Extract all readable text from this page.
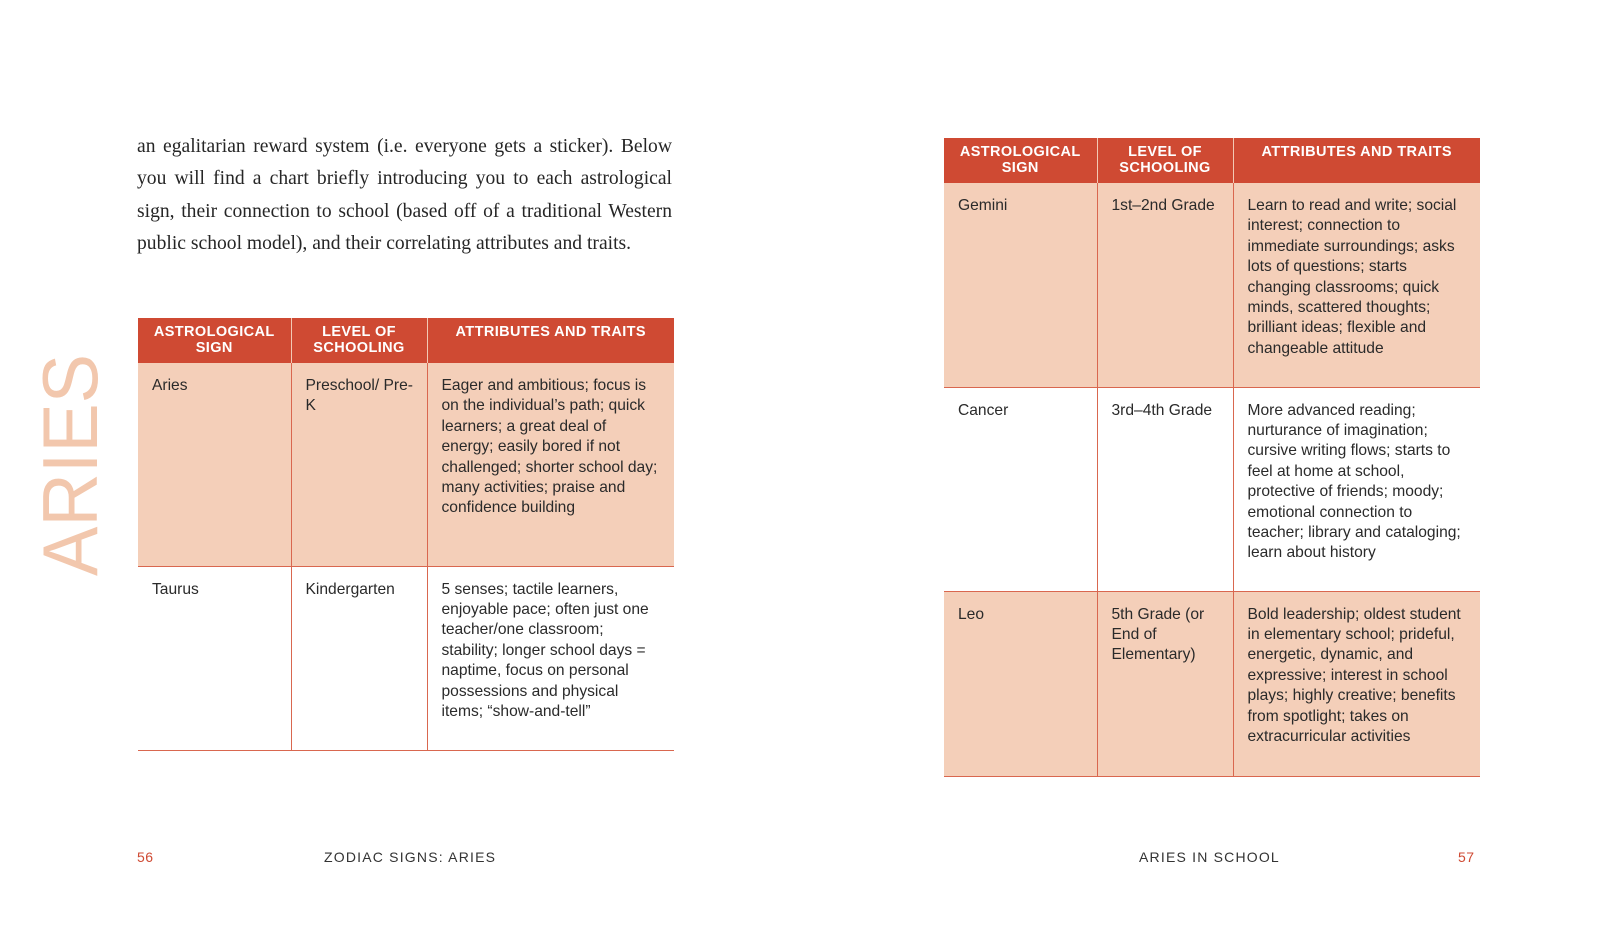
ARIES

an egalitarian reward system (i.e. everyone gets a sticker). Below you will find a chart briefly introducing you to each astrological sign, their connection to school (based off of a traditional Western public school model), and their correlating attributes and traits.

ASTROLOGICAL SIGN	LEVEL OF SCHOOLING	ATTRIBUTES AND TRAITS
Aries	Preschool/ Pre-K	Eager and ambitious; focus is on the individual’s path; quick learners; a great deal of energy; easily bored if not challenged; shorter school day; many activities; praise and confidence building
Taurus	Kindergarten	5 senses; tactile learners, enjoyable pace; often just one teacher/one classroom; stability; longer school days = naptime, focus on personal possessions and physical items; “show-and-tell”
56	ZODIAC SIGNS: ARIES
ASTROLOGICAL SIGN	LEVEL OF SCHOOLING	ATTRIBUTES AND TRAITS
Gemini	1st–2nd Grade	Learn to read and write; social interest; connection to immediate surroundings; asks lots of questions; starts changing classrooms; quick minds, scattered thoughts; brilliant ideas; flexible and changeable attitude
Cancer	3rd–4th Grade	More advanced reading; nurturance of imagination; cursive writing flows; starts to feel at home at school, protective of friends; moody; emotional connection to teacher; library and cataloging; learn about history
Leo	5th Grade (or End of Elementary)	Bold leadership; oldest student in elementary school; prideful, energetic, dynamic, and expressive; interest in school plays; highly creative; benefits from spotlight; takes on extracurricular activities
ARIES IN SCHOOL	57
